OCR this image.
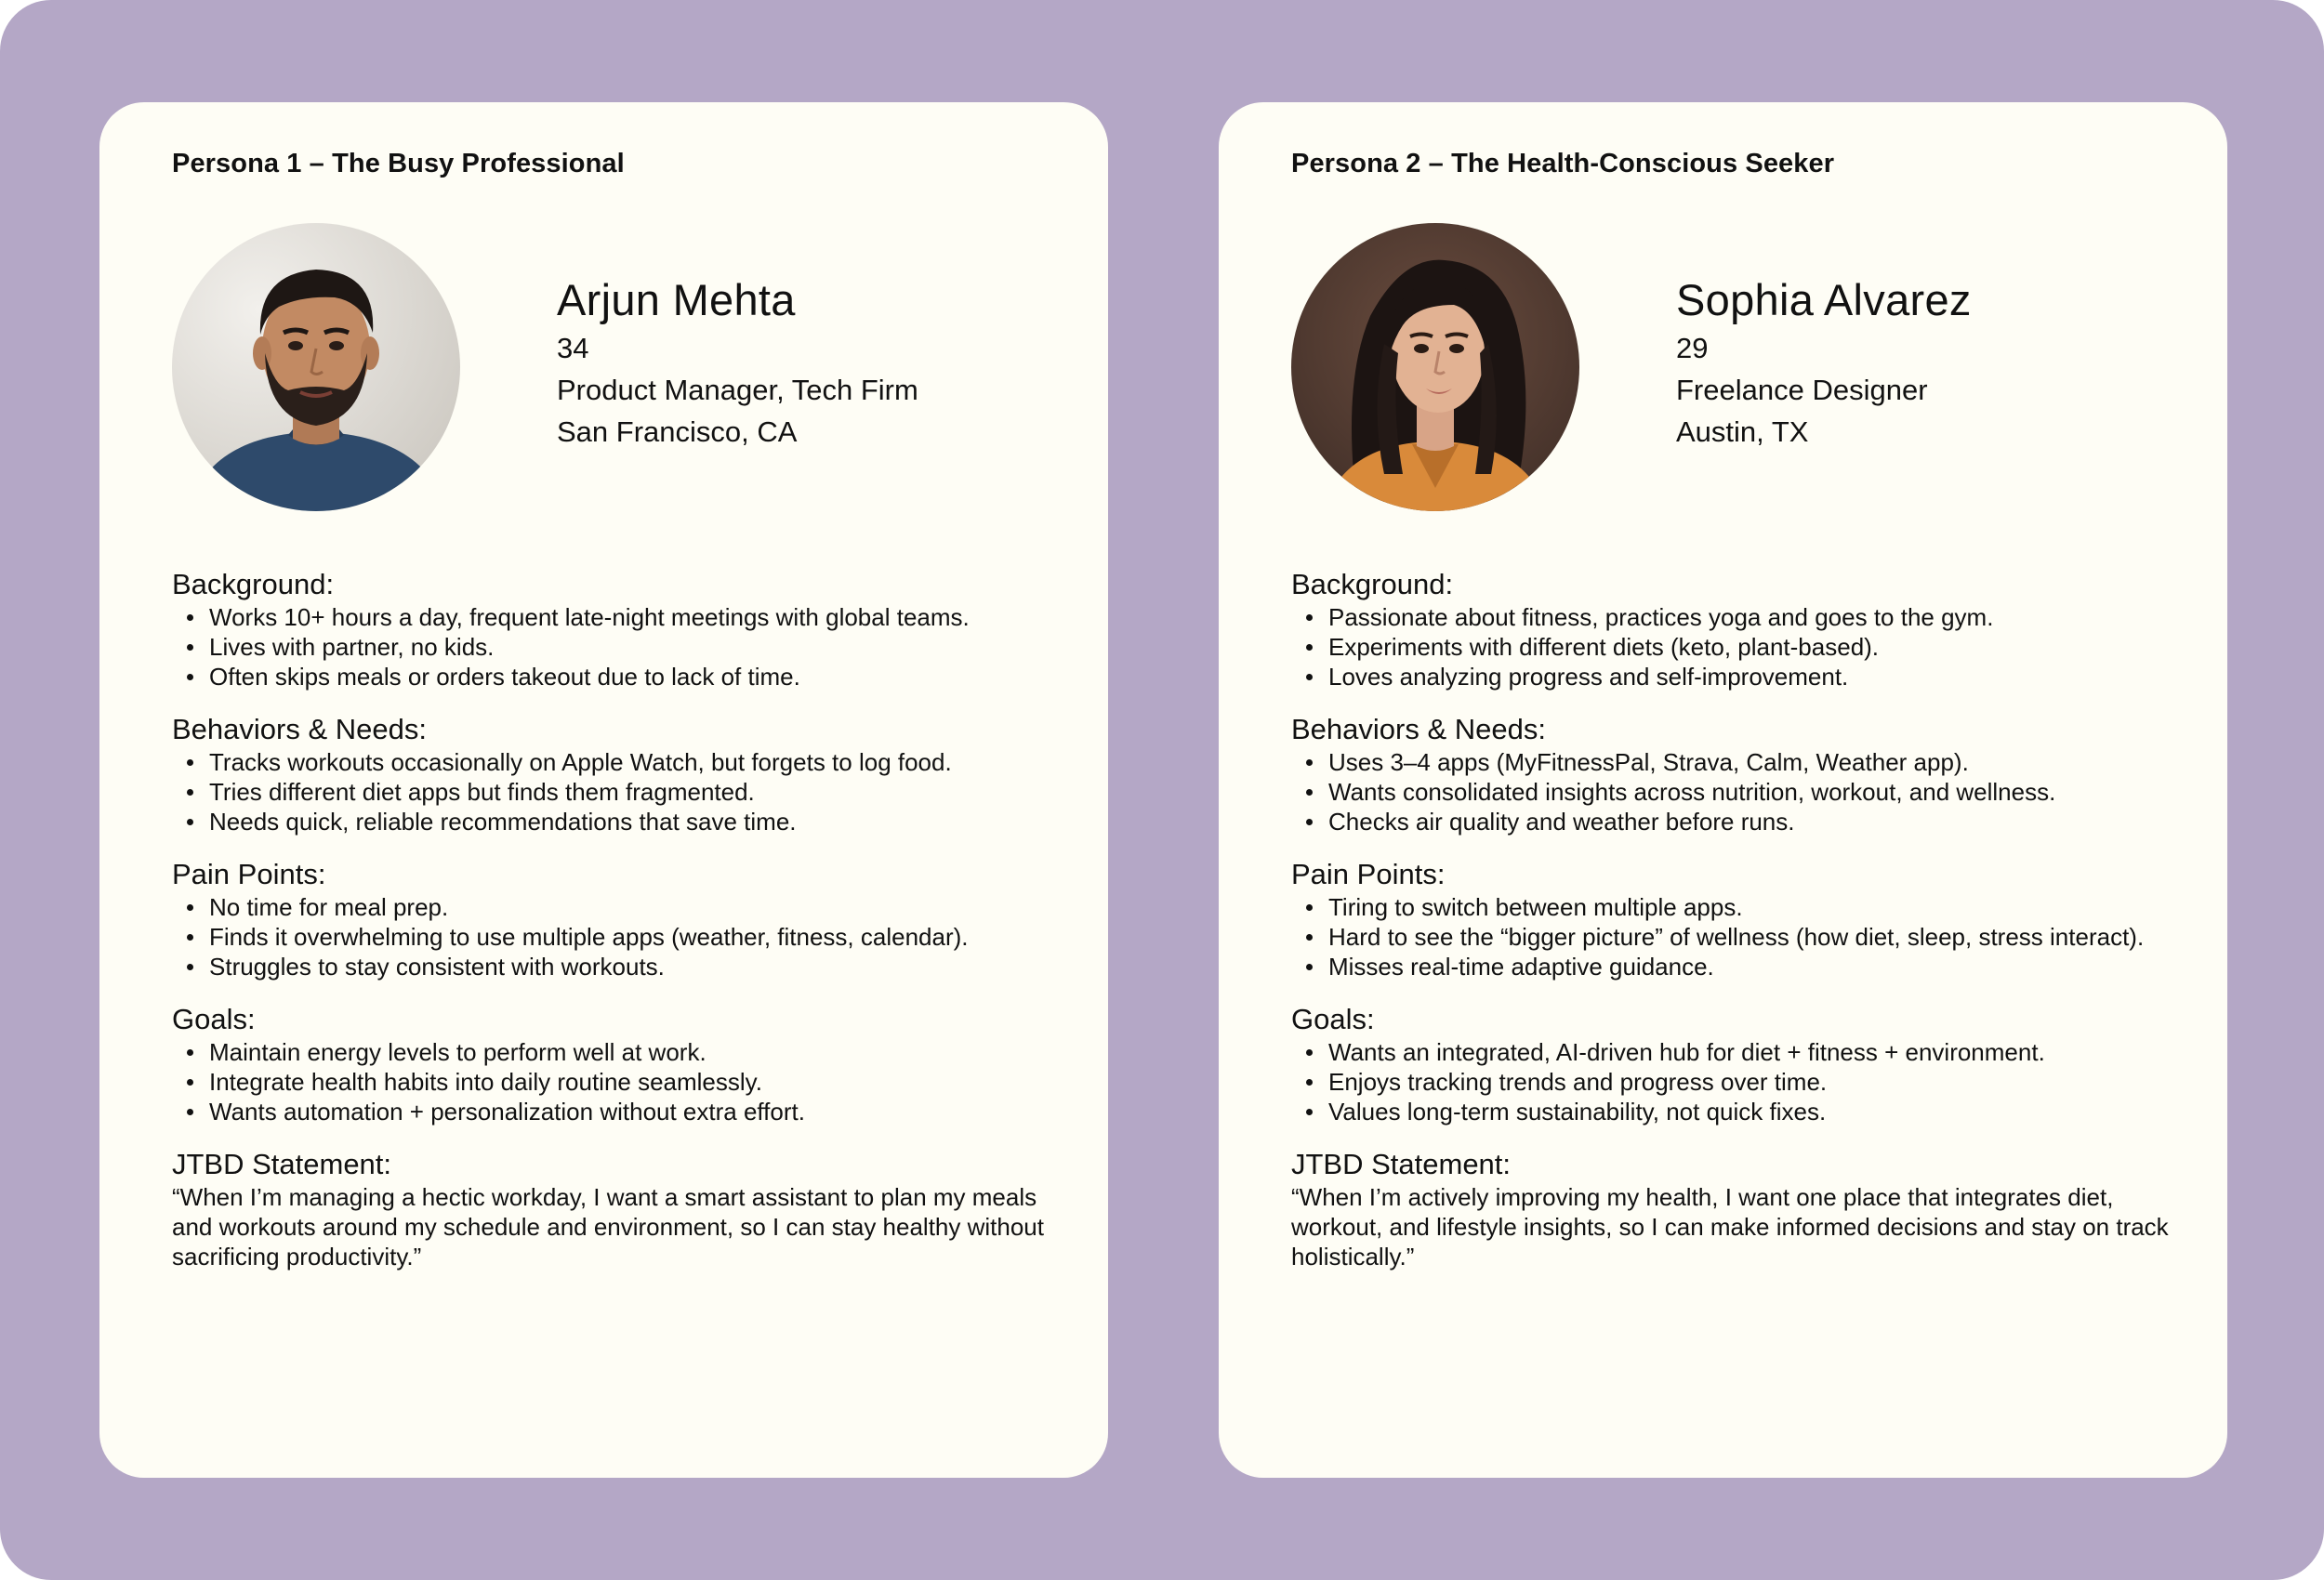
Persona 1 – The Busy Professional
Arjun Mehta
34
Product Manager, Tech Firm
San Francisco, CA
Background:
Works 10+ hours a day, frequent late-night meetings with global teams.
Lives with partner, no kids.
Often skips meals or orders takeout due to lack of time.
Behaviors & Needs:
Tracks workouts occasionally on Apple Watch, but forgets to log food.
Tries different diet apps but finds them fragmented.
Needs quick, reliable recommendations that save time.
Pain Points:
No time for meal prep.
Finds it overwhelming to use multiple apps (weather, fitness, calendar).
Struggles to stay consistent with workouts.
Goals:
Maintain energy levels to perform well at work.
Integrate health habits into daily routine seamlessly.
Wants automation + personalization without extra effort.
JTBD Statement:

“When I’m managing a hectic workday, I want a smart assistant to plan my meals and workouts around my schedule and environment, so I can stay healthy without sacrificing productivity.”

Persona 2 – The Health-Conscious Seeker
Sophia Alvarez
29
Freelance Designer
Austin, TX
Background:
Passionate about fitness, practices yoga and goes to the gym.
Experiments with different diets (keto, plant-based).
Loves analyzing progress and self-improvement.
Behaviors & Needs:
Uses 3–4 apps (MyFitnessPal, Strava, Calm, Weather app).
Wants consolidated insights across nutrition, workout, and wellness.
Checks air quality and weather before runs.
Pain Points:
Tiring to switch between multiple apps.
Hard to see the “bigger picture” of wellness (how diet, sleep, stress interact).
Misses real-time adaptive guidance.
Goals:
Wants an integrated, AI-driven hub for diet + fitness + environment.
Enjoys tracking trends and progress over time.
Values long-term sustainability, not quick fixes.
JTBD Statement:

“When I’m actively improving my health, I want one place that integrates diet, workout, and lifestyle insights, so I can make informed decisions and stay on track holistically.”
